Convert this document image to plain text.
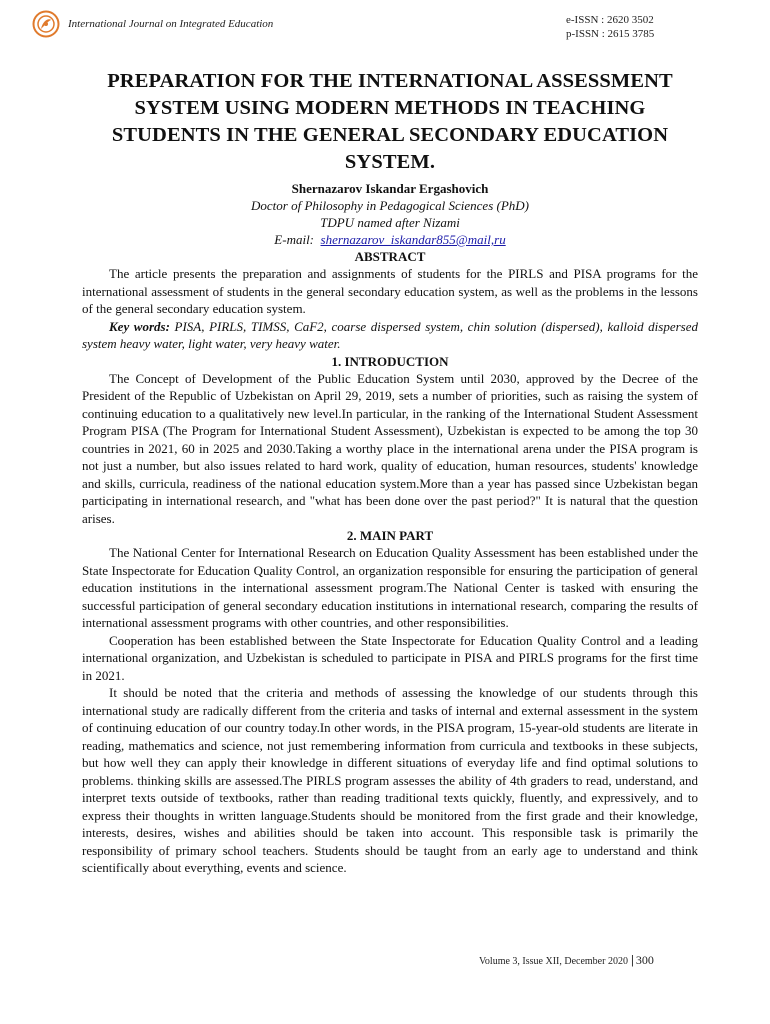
International Journal on Integrated Education	e-ISSN : 2620 3502
p-ISSN : 2615 3785
PREPARATION FOR THE INTERNATIONAL ASSESSMENT SYSTEM USING MODERN METHODS IN TEACHING STUDENTS IN THE GENERAL SECONDARY EDUCATION SYSTEM.
Shernazarov Iskandar Ergashovich
Doctor of Philosophy in Pedagogical Sciences (PhD)
TDPU named after Nizami
E-mail: shernazarov_iskandar855@mail,ru
ABSTRACT

The article presents the preparation and assignments of students for the PIRLS and PISA programs for the international assessment of students in the general secondary education system, as well as the problems in the lessons of the general secondary education system.

Key words: PISA, PIRLS, TIMSS, CaF2, coarse dispersed system, chin solution (dispersed), kalloid dispersed system heavy water, light water, very heavy water.

1. INTRODUCTION

The Concept of Development of the Public Education System until 2030, approved by the Decree of the President of the Republic of Uzbekistan on April 29, 2019, sets a number of priorities, such as raising the system of continuing education to a qualitatively new level.In particular, in the ranking of the International Student Assessment Program PISA (The Program for International Student Assessment), Uzbekistan is expected to be among the top 30 countries in 2021, 60 in 2025 and 2030.Taking a worthy place in the international arena under the PISA program is not just a number, but also issues related to hard work, quality of education, human resources, students' knowledge and skills, curricula, readiness of the national education system.More than a year has passed since Uzbekistan began participating in international research, and "what has been done over the past period?" It is natural that the question arises.

2. MAIN PART

The National Center for International Research on Education Quality Assessment has been established under the State Inspectorate for Education Quality Control, an organization responsible for ensuring the participation of general education institutions in the international assessment program.The National Center is tasked with ensuring the successful participation of general secondary education institutions in international research, comparing the results of international assessment programs with other countries, and other responsibilities.

Cooperation has been established between the State Inspectorate for Education Quality Control and a leading international organization, and Uzbekistan is scheduled to participate in PISA and PIRLS programs for the first time in 2021.

It should be noted that the criteria and methods of assessing the knowledge of our students through this international study are radically different from the criteria and tasks of internal and external assessment in the system of continuing education of our country today.In other words, in the PISA program, 15-year-old students are literate in reading, mathematics and science, not just remembering information from curricula and textbooks in these subjects, but how well they can apply their knowledge in different situations of everyday life and find optimal solutions to problems. thinking skills are assessed.The PIRLS program assesses the ability of 4th graders to read, understand, and interpret texts outside of textbooks, rather than reading traditional texts quickly, fluently, and expressively, and to express their thoughts in written language.Students should be monitored from the first grade and their knowledge, interests, desires, wishes and abilities should be taken into account. This responsible task is primarily the responsibility of primary school teachers. Students should be taught from an early age to understand and think scientifically about everything, events and science.

Volume 3, Issue XII, December 2020 | 300
